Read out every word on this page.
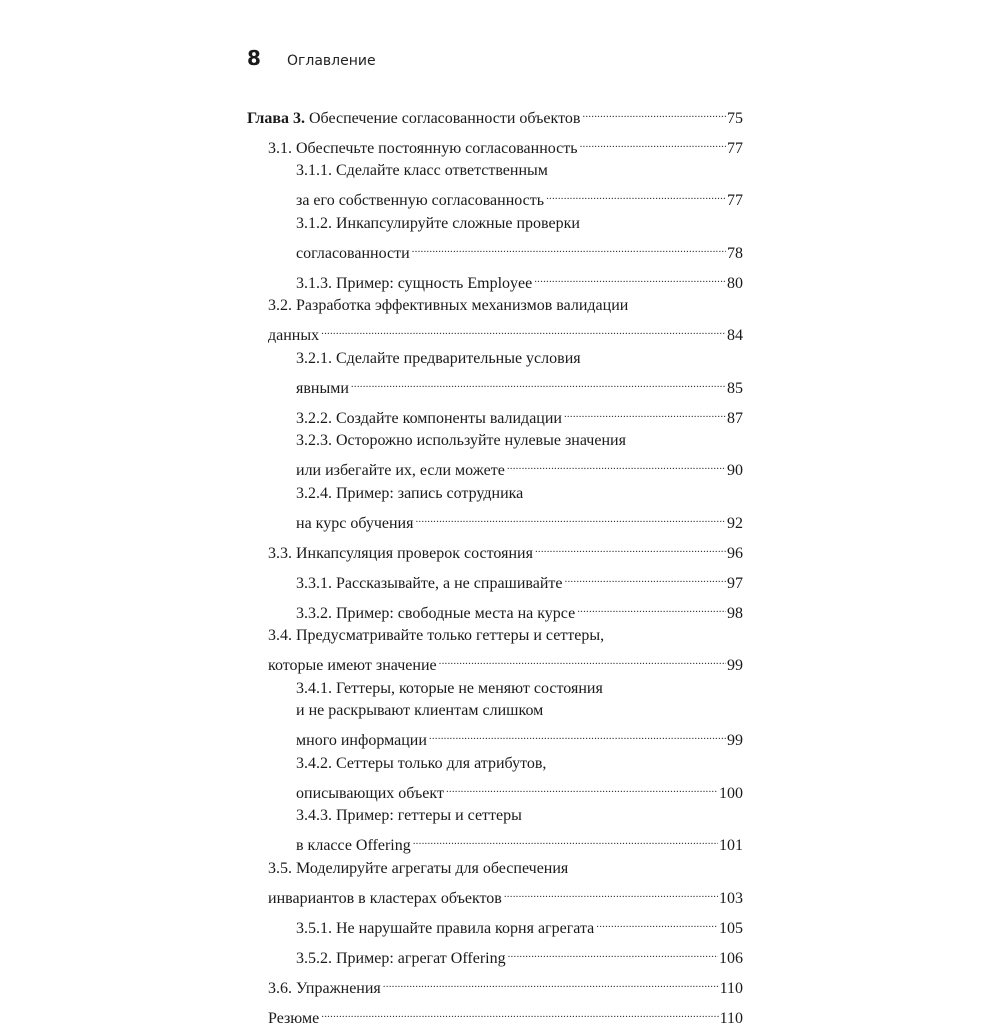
8	Оглавление
Глава 3. Обеспечение согласованности объектов .....	75
3.1. Обеспечьте постоянную согласованность .....	77
3.1.1. Сделайте класс ответственным
за его собственную согласованность .....	77
3.1.2. Инкапсулируйте сложные проверки
согласованности .....	78
3.1.3. Пример: сущность Employee .....	80
3.2. Разработка эффективных механизмов валидации
данных .....	84
3.2.1. Сделайте предварительные условия
явными .....	85
3.2.2. Создайте компоненты валидации .....	87
3.2.3. Осторожно используйте нулевые значения
или избегайте их, если можете .....	90
3.2.4. Пример: запись сотрудника
на курс обучения .....	92
3.3. Инкапсуляция проверок состояния .....	96
3.3.1. Рассказывайте, а не спрашивайте .....	97
3.3.2. Пример: свободные места на курсе .....	98
3.4. Предусматривайте только геттеры и сеттеры,
которые имеют значение .....	99
3.4.1. Геттеры, которые не меняют состояния
и не раскрывают клиентам слишком
много информации .....	99
3.4.2. Сеттеры только для атрибутов,
описывающих объект .....	100
3.4.3. Пример: геттеры и сеттеры
в классе Offering .....	101
3.5. Моделируйте агрегаты для обеспечения
инвариантов в кластерах объектов .....	103
3.5.1. Не нарушайте правила корня агрегата .....	105
3.5.2. Пример: агрегат Offering .....	106
3.6. Упражнения .....	110
Резюме .....	110
